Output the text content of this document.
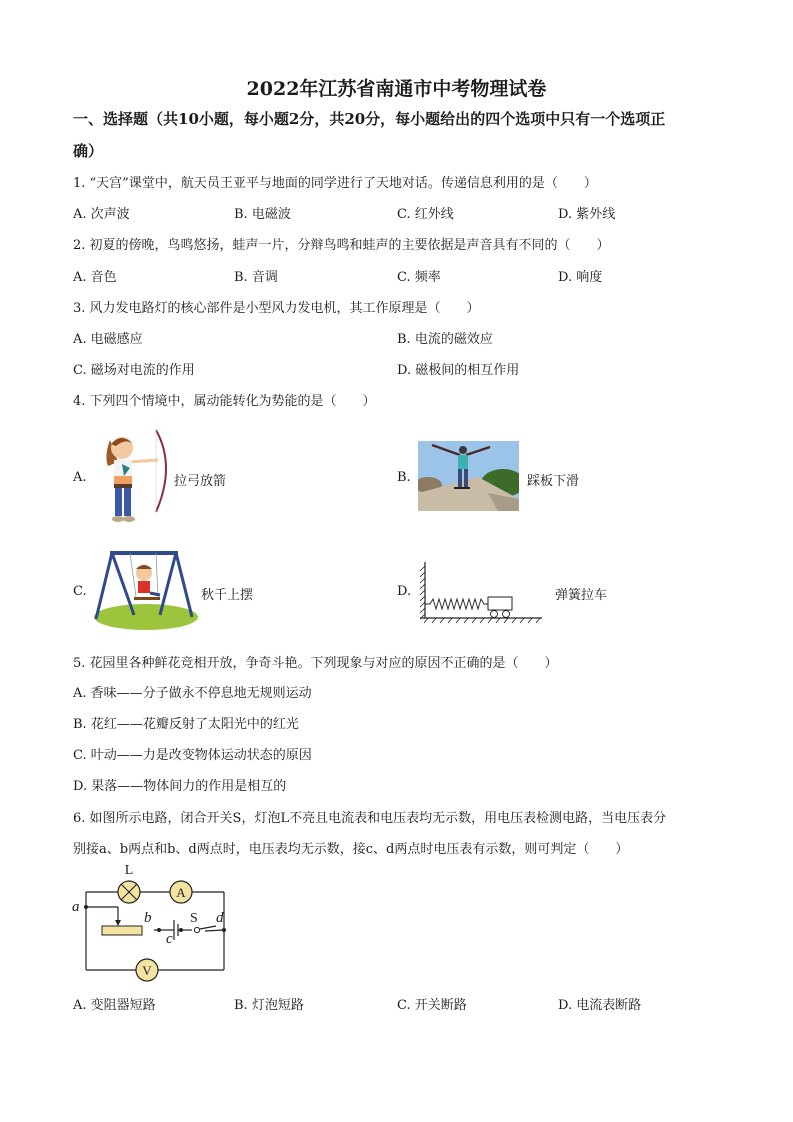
2022年江苏省南通市中考物理试卷
一、选择题（共10小题，每小题2分，共20分，每小题给出的四个选项中只有一个选项正
确）
1. “天宫”课堂中，航天员王亚平与地面的同学进行了天地对话。传递信息利用的是（　　）
A. 次声波	B. 电磁波	C. 红外线	D. 紫外线
2. 初夏的傍晚，鸟鸣悠扬，蛙声一片，分辩鸟鸣和蛙声的主要依据是声音具有不同的（　　）
A. 音色	B. 音调	C. 频率	D. 响度
3. 风力发电路灯的核心部件是小型风力发电机，其工作原理是（　　）
A. 电磁感应	B. 电流的磁效应
C. 磁场对电流的作用	D. 磁极间的相互作用
4. 下列四个情境中，属动能转化为势能的是（　　）
A.	拉弓放箭	B.	踩板下滑
C.	秋千上摆	D.	弹簧拉车
5. 花园里各种鲜花竞相开放，争奇斗艳。下列现象与对应的原因不正确的是（　　）
A. 香味——分子做永不停息地无规则运动
B. 花红——花瓣反射了太阳光中的红光
C. 叶动——力是改变物体运动状态的原因
D. 果落——物体间力的作用是相互的
6. 如图所示电路，闭合开关S，灯泡L不亮且电流表和电压表均无示数，用电压表检测电路，当电压表分
别接a、b两点和b、d两点时，电压表均无示数，接c、d两点时电压表有示数，则可判定（　　）
A
V
L
a
b
c
S d
A. 变阻器短路	B. 灯泡短路	C. 开关断路	D. 电流表断路
